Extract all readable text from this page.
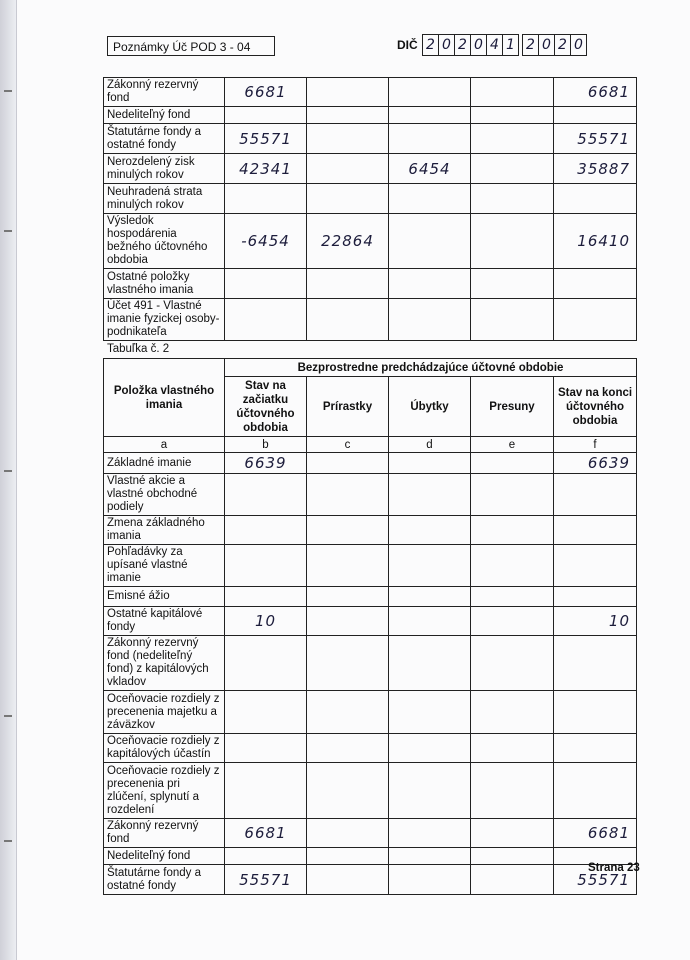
Poznámky Úč POD 3 - 04	DIČ 2 0 2 0 4 1 2 0 2 0
Zákonný rezervný fond	6681				6681
Nedeliteľný fond					
Štatutárne fondy a ostatné fondy	55571				55571
Nerozdelený zisk minulých rokov	42341		6454		35887
Neuhradená strata minulých rokov					
Výsledok hospodárenia bežného účtovného obdobia	-6454	22864			16410
Ostatné položky vlastného imania					
Účet 491 - Vlastné imanie fyzickej osoby-podnikateľa					
Tabuľka č. 2
Položka vlastného imania	Bezprostredne predchádzajúce účtovné obdobie				
	Stav na začiatku účtovného obdobia	Prírastky	Úbytky	Presuny	Stav na konci účtovného obdobia
a	b	c	d	e	f
Základné imanie	6639				6639
Vlastné akcie a vlastné obchodné podiely					
Zmena základného imania					
Pohľadávky za upísané vlastné imanie					
Emisné ážio					
Ostatné kapitálové fondy	10				10
Zákonný rezervný fond (nedeliteľný fond) z kapitálových vkladov					
Oceňovacie rozdiely z precenenia majetku a záväzkov					
Oceňovacie rozdiely z kapitálových účastín					
Oceňovacie rozdiely z precenenia pri zlúčení, splynutí a rozdelení					
Zákonný rezervný fond	6681				6681
Nedeliteľný fond					
Štatutárne fondy a ostatné fondy	55571				55571
Strana 23
